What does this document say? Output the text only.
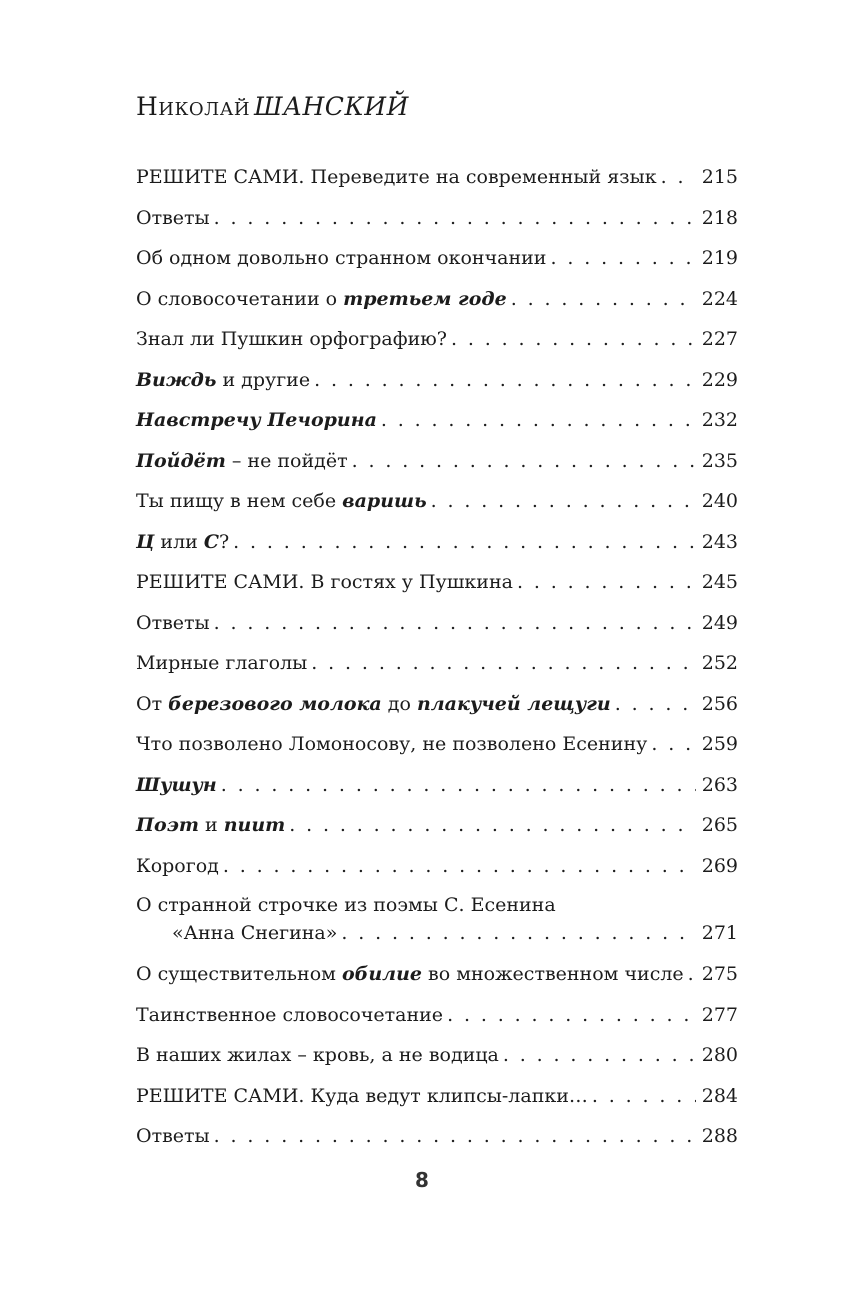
Николай ШАНСКИЙ
РЕШИТЕ САМИ. Переведите на современный язык . . . 215
Ответы . . .	218
Об одном довольно странном окончании . . .	219
О словосочетании о третьем годе . . .	224
Знал ли Пушкин орфографию? . . .	227
Виждь и другие . . .	229
Навстречу Печорина . . .	232
Пойдёт – не пойдёт . . .	235
Ты пищу в нем себе варишь . . .	240
Ц или С? . . .	243
РЕШИТЕ САМИ. В гостях у Пушкина . . .	245
Ответы . . .	249
Мирные глаголы . . .	252
От березового молока до плакучей лещуги . . .	256
Что позволено Ломоносову, не позволено Есенину . . .	259
Шушун . . .	263
Поэт и пиит . . .	265
Корогод . . .	269
О странной строчке из поэмы С. Есенина
«Анна Снегина» . . .	271
О существительном обилие во множественном числе . . . 275
Таинственное словосочетание . . .	277
В наших жилах – кровь, а не водица . . .	280
РЕШИТЕ САМИ. Куда ведут клипсы-лапки… . . .	284
Ответы . . .	288
8
